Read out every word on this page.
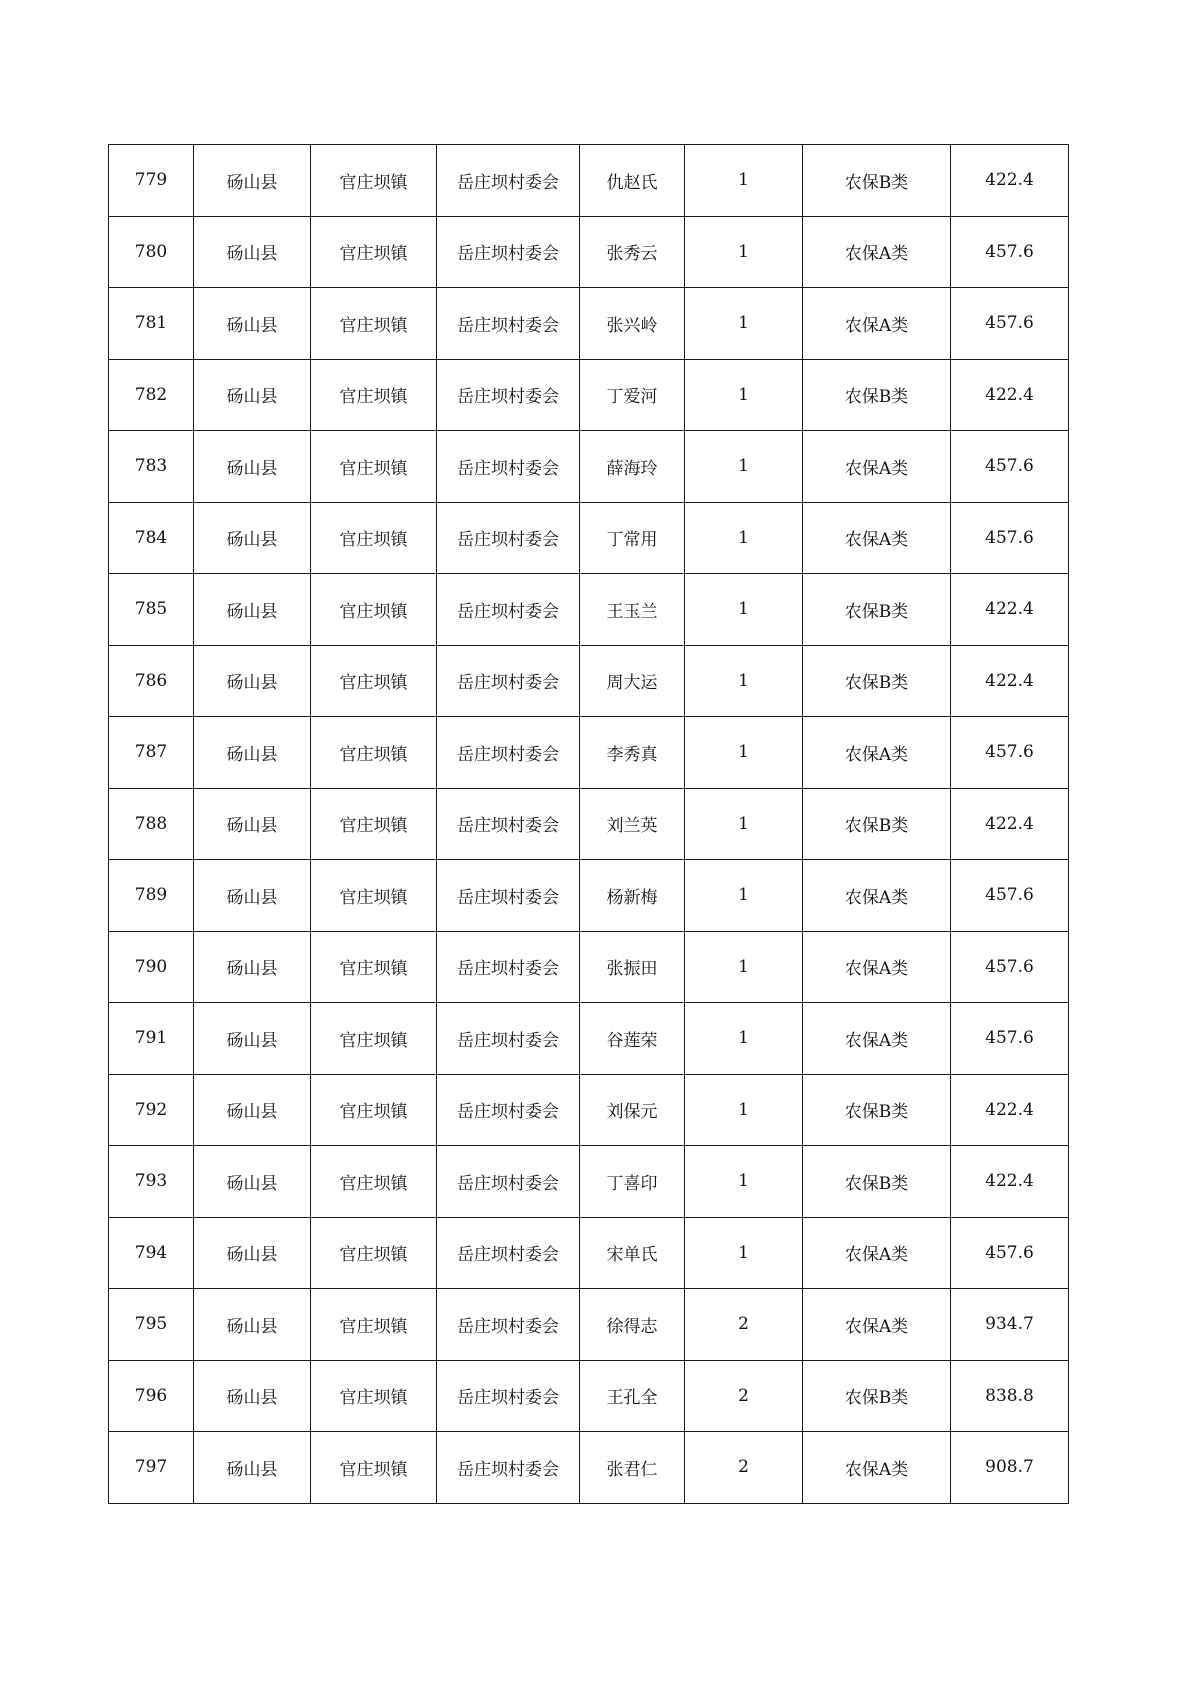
779	砀山县	官庄坝镇	岳庄坝村委会	仇赵氏	1	农保B类	422.4
780	砀山县	官庄坝镇	岳庄坝村委会	张秀云	1	农保A类	457.6
781	砀山县	官庄坝镇	岳庄坝村委会	张兴岭	1	农保A类	457.6
782	砀山县	官庄坝镇	岳庄坝村委会	丁爱河	1	农保B类	422.4
783	砀山县	官庄坝镇	岳庄坝村委会	薛海玲	1	农保A类	457.6
784	砀山县	官庄坝镇	岳庄坝村委会	丁常用	1	农保A类	457.6
785	砀山县	官庄坝镇	岳庄坝村委会	王玉兰	1	农保B类	422.4
786	砀山县	官庄坝镇	岳庄坝村委会	周大运	1	农保B类	422.4
787	砀山县	官庄坝镇	岳庄坝村委会	李秀真	1	农保A类	457.6
788	砀山县	官庄坝镇	岳庄坝村委会	刘兰英	1	农保B类	422.4
789	砀山县	官庄坝镇	岳庄坝村委会	杨新梅	1	农保A类	457.6
790	砀山县	官庄坝镇	岳庄坝村委会	张振田	1	农保A类	457.6
791	砀山县	官庄坝镇	岳庄坝村委会	谷莲荣	1	农保A类	457.6
792	砀山县	官庄坝镇	岳庄坝村委会	刘保元	1	农保B类	422.4
793	砀山县	官庄坝镇	岳庄坝村委会	丁喜印	1	农保B类	422.4
794	砀山县	官庄坝镇	岳庄坝村委会	宋单氏	1	农保A类	457.6
795	砀山县	官庄坝镇	岳庄坝村委会	徐得志	2	农保A类	934.7
796	砀山县	官庄坝镇	岳庄坝村委会	王孔全	2	农保B类	838.8
797	砀山县	官庄坝镇	岳庄坝村委会	张君仁	2	农保A类	908.7
